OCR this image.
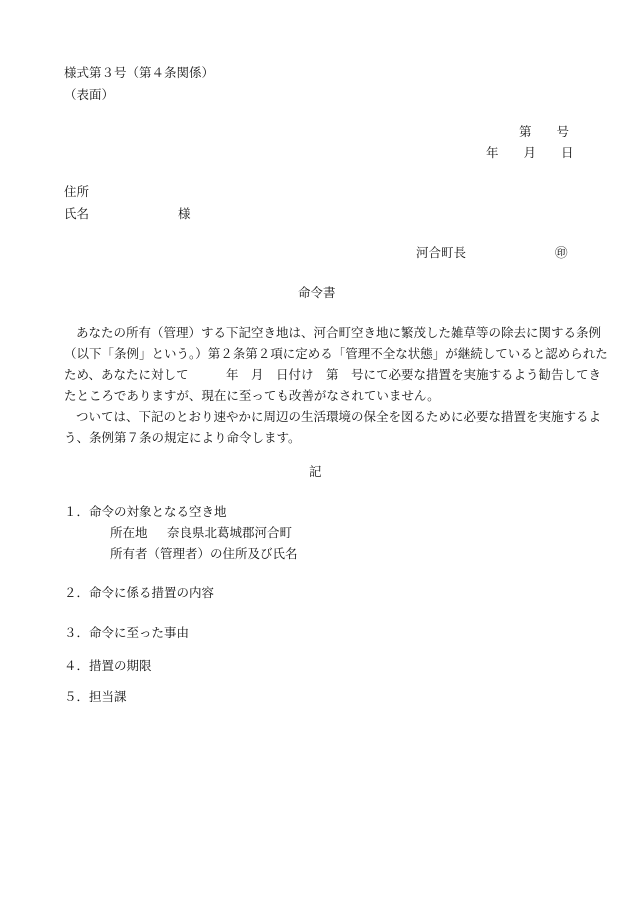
様式第３号（第４条関係）
（表面）
第　　号
年　　月　　日
住所
氏名	様
河合町長	㊞
命令書
あなたの所有（管理）する下記空き地は、河合町空き地に繁茂した雑草等の除去に関する条例
（以下「条例」という。）第２条第２項に定める「管理不全な状態」が継続していると認められた
ため、あなたに対して　　　年　月　日付け　第　号にて必要な措置を実施するよう勧告してき
たところでありますが、現在に至っても改善がなされていません。
ついては、下記のとおり速やかに周辺の生活環境の保全を図るために必要な措置を実施するよ
う、条例第７条の規定により命令します。
記
１．命令の対象となる空き地
所在地 奈良県北葛城郡河合町
所有者（管理者）の住所及び氏名
２．命令に係る措置の内容
３．命令に至った事由
４．措置の期限
５．担当課
